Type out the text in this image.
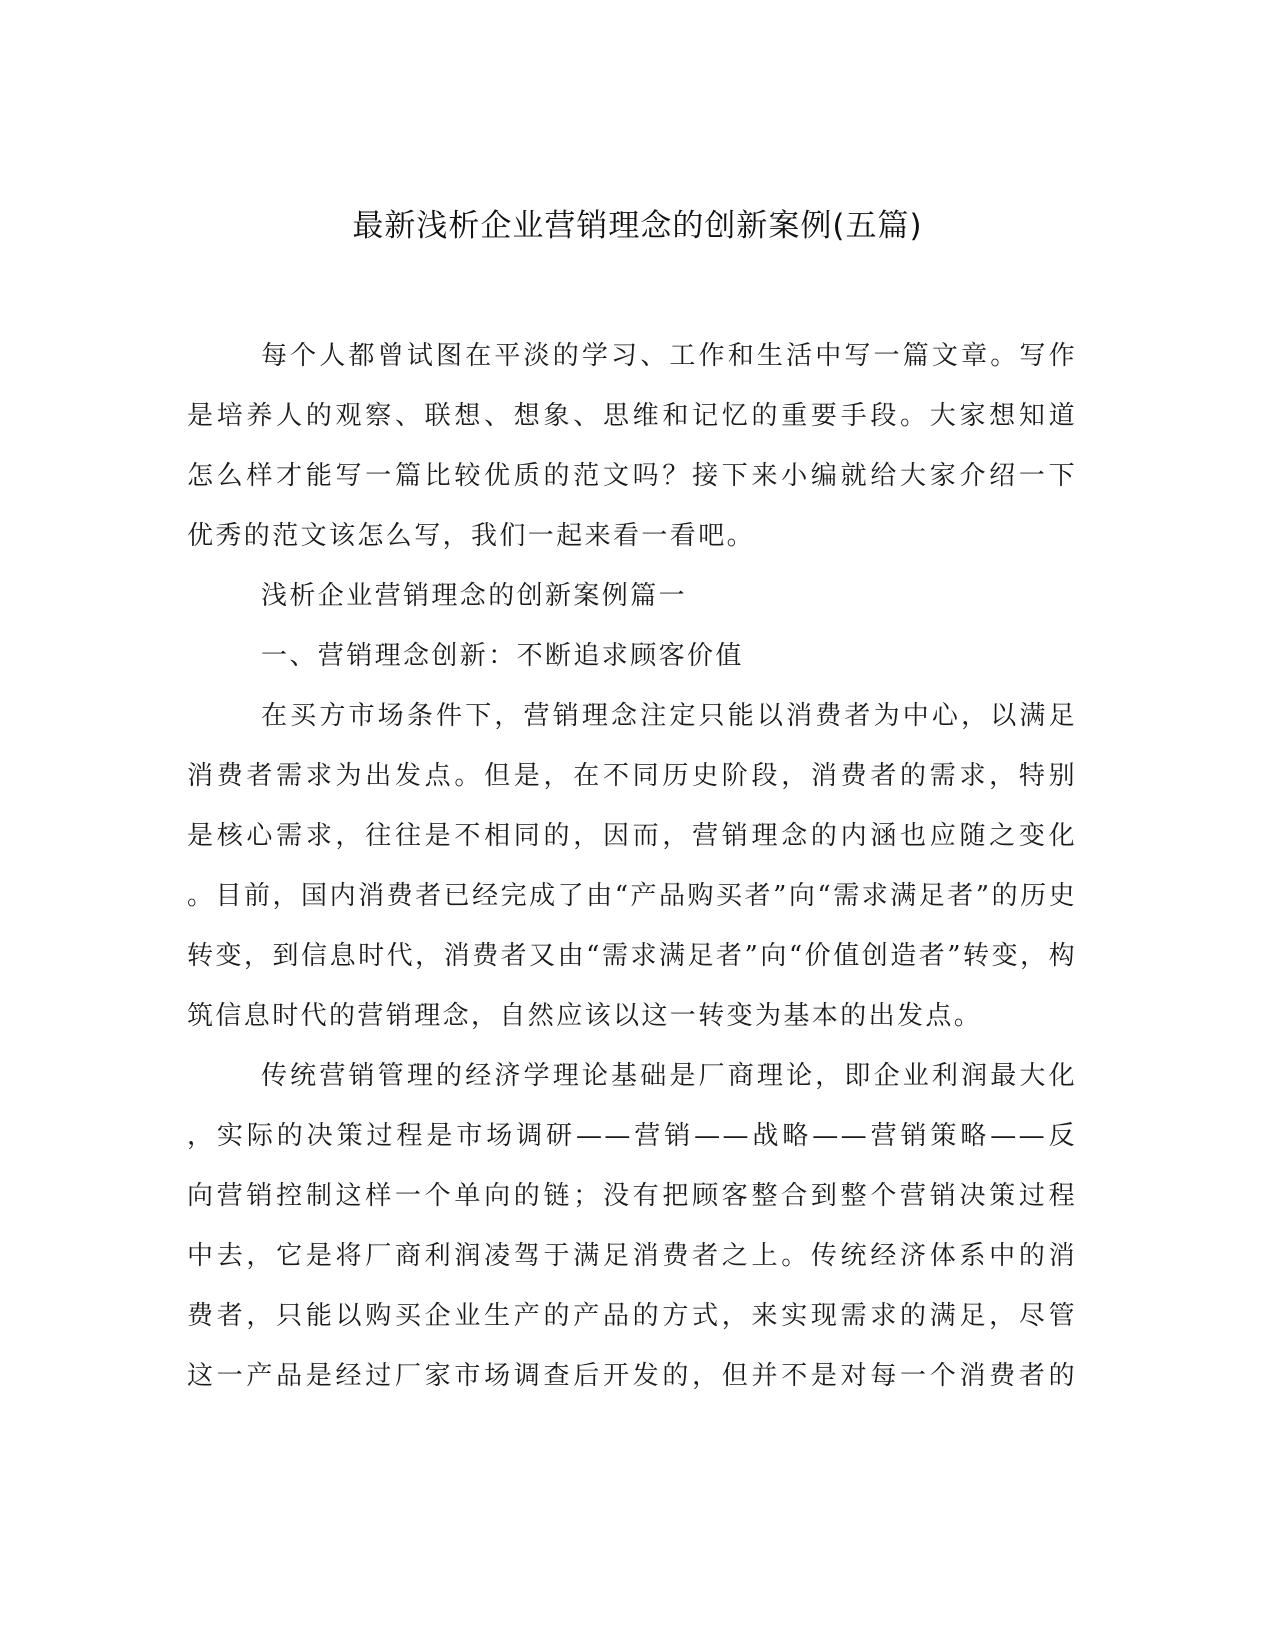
最新浅析企业营销理念的创新案例(五篇)
每个人都曾试图在平淡的学习、工作和生活中写一篇文章。写作
是培养人的观察、联想、想象、思维和记忆的重要手段。大家想知道
怎么样才能写一篇比较优质的范文吗？接下来小编就给大家介绍一下
优秀的范文该怎么写，我们一起来看一看吧。
浅析企业营销理念的创新案例篇一
一、营销理念创新：不断追求顾客价值
在买方市场条件下，营销理念注定只能以消费者为中心，以满足
消费者需求为出发点。但是，在不同历史阶段，消费者的需求，特别
是核心需求，往往是不相同的，因而，营销理念的内涵也应随之变化
。目前，国内消费者已经完成了由“产品购买者”向“需求满足者”的历史
转变，到信息时代，消费者又由“需求满足者”向“价值创造者”转变，构
筑信息时代的营销理念，自然应该以这一转变为基本的出发点。
传统营销管理的经济学理论基础是厂商理论，即企业利润最大化
，实际的决策过程是市场调研——营销——战略——营销策略——反
向营销控制这样一个单向的链；没有把顾客整合到整个营销决策过程
中去，它是将厂商利润凌驾于满足消费者之上。传统经济体系中的消
费者，只能以购买企业生产的产品的方式，来实现需求的满足，尽管
这一产品是经过厂家市场调查后开发的，但并不是对每一个消费者的
